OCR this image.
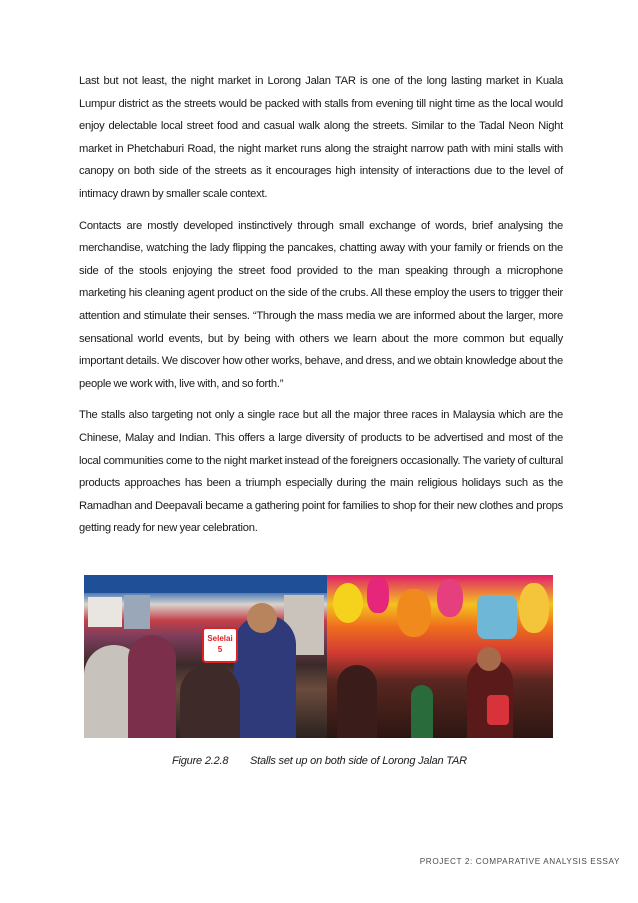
Last but not least, the night market in Lorong Jalan TAR is one of the long lasting market in Kuala Lumpur district as the streets would be packed with stalls from evening till night time as the local would enjoy delectable local street food and casual walk along the streets. Similar to the Tadal Neon Night market in Phetchaburi Road, the night market runs along the straight narrow path with mini stalls with canopy on both side of the streets as it encourages high intensity of interactions due to the level of intimacy drawn by smaller scale context.

Contacts are mostly developed instinctively through small exchange of words, brief analysing the merchandise, watching the lady flipping the pancakes, chatting away with your family or friends on the side of the stools enjoying the street food provided to the man speaking through a microphone marketing his cleaning agent product on the side of the crubs. All these employ the users to trigger their attention and stimulate their senses. “Through the mass media we are informed about the larger, more sensational world events, but by being with others we learn about the more common but equally important details. We discover how other works, behave, and dress, and we obtain knowledge about the people we work with, live with, and so forth.”

The stalls also targeting not only a single race but all the major three races in Malaysia which are the Chinese, Malay and Indian. This offers a large diversity of products to be advertised and most of the local communities come to the night market instead of the foreigners occasionally. The variety of cultural products approaches has been a triumph especially during the main religious holidays such as the Ramadhan and Deepavali became a gathering point for families to shop for their new clothes and props getting ready for new year celebration.

Selelai 5
Figure 2.2.8 Stalls set up on both side of Lorong Jalan TAR
PROJECT 2: COMPARATIVE ANALYSIS ESSAY
